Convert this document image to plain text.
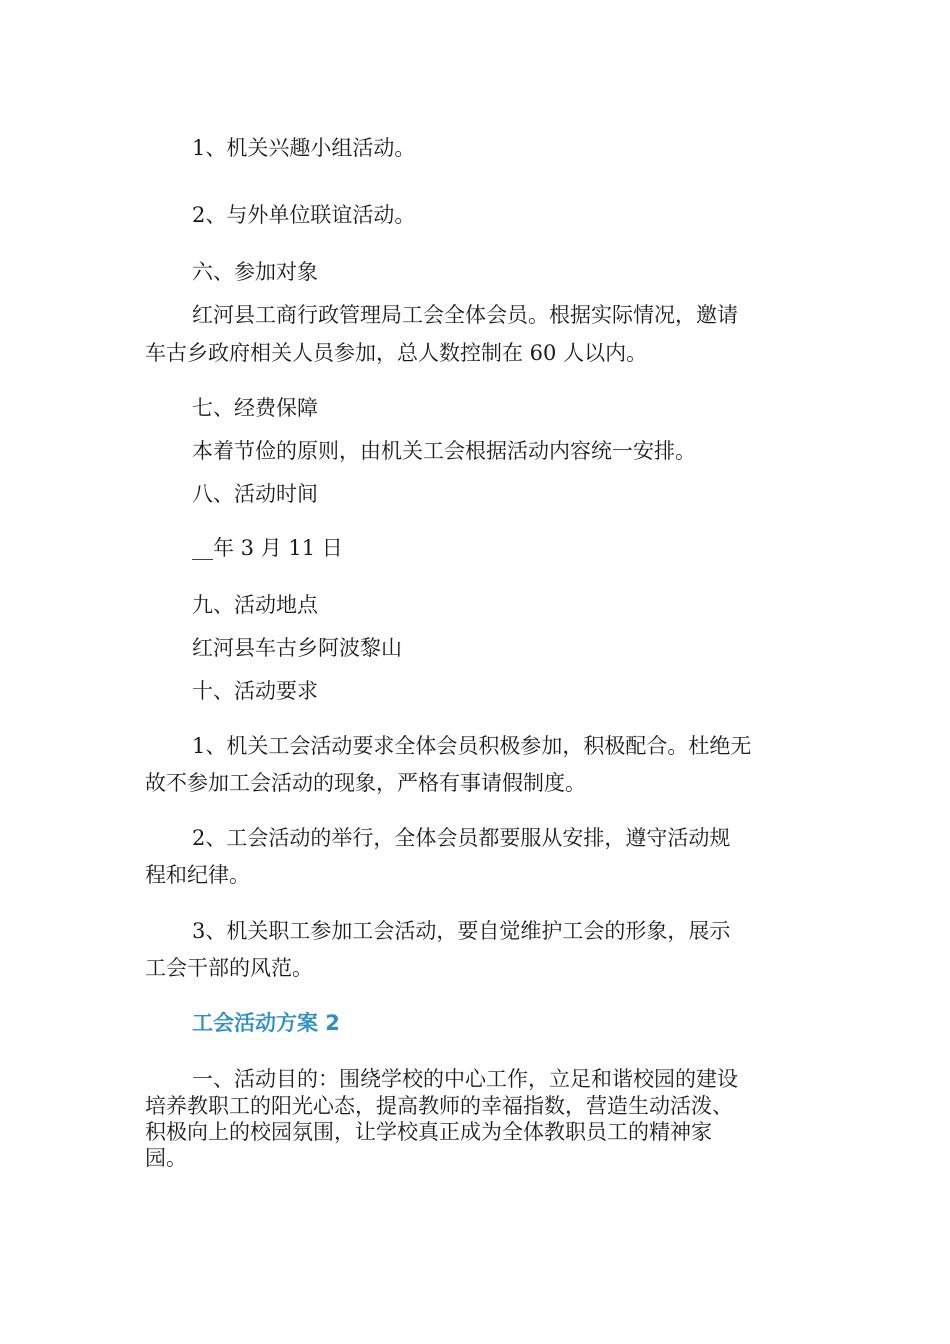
1、机关兴趣小组活动。
2、与外单位联谊活动。
六、参加对象
红河县工商行政管理局工会全体会员。根据实际情况，邀请
车古乡政府相关人员参加，总人数控制在 60 人以内。
七、经费保障
本着节俭的原则，由机关工会根据活动内容统一安排。
八、活动时间
__年 3 月 11 日
九、活动地点
红河县车古乡阿波黎山
十、活动要求
1、机关工会活动要求全体会员积极参加，积极配合。杜绝无
故不参加工会活动的现象，严格有事请假制度。
2、工会活动的举行，全体会员都要服从安排，遵守活动规
程和纪律。
3、机关职工参加工会活动，要自觉维护工会的形象，展示
工会干部的风范。
工会活动方案 2
一、活动目的：围绕学校的中心工作，立足和谐校园的建设
培养教职工的阳光心态，提高教师的幸福指数，营造生动活泼、
积极向上的校园氛围，让学校真正成为全体教职员工的精神家
园。
